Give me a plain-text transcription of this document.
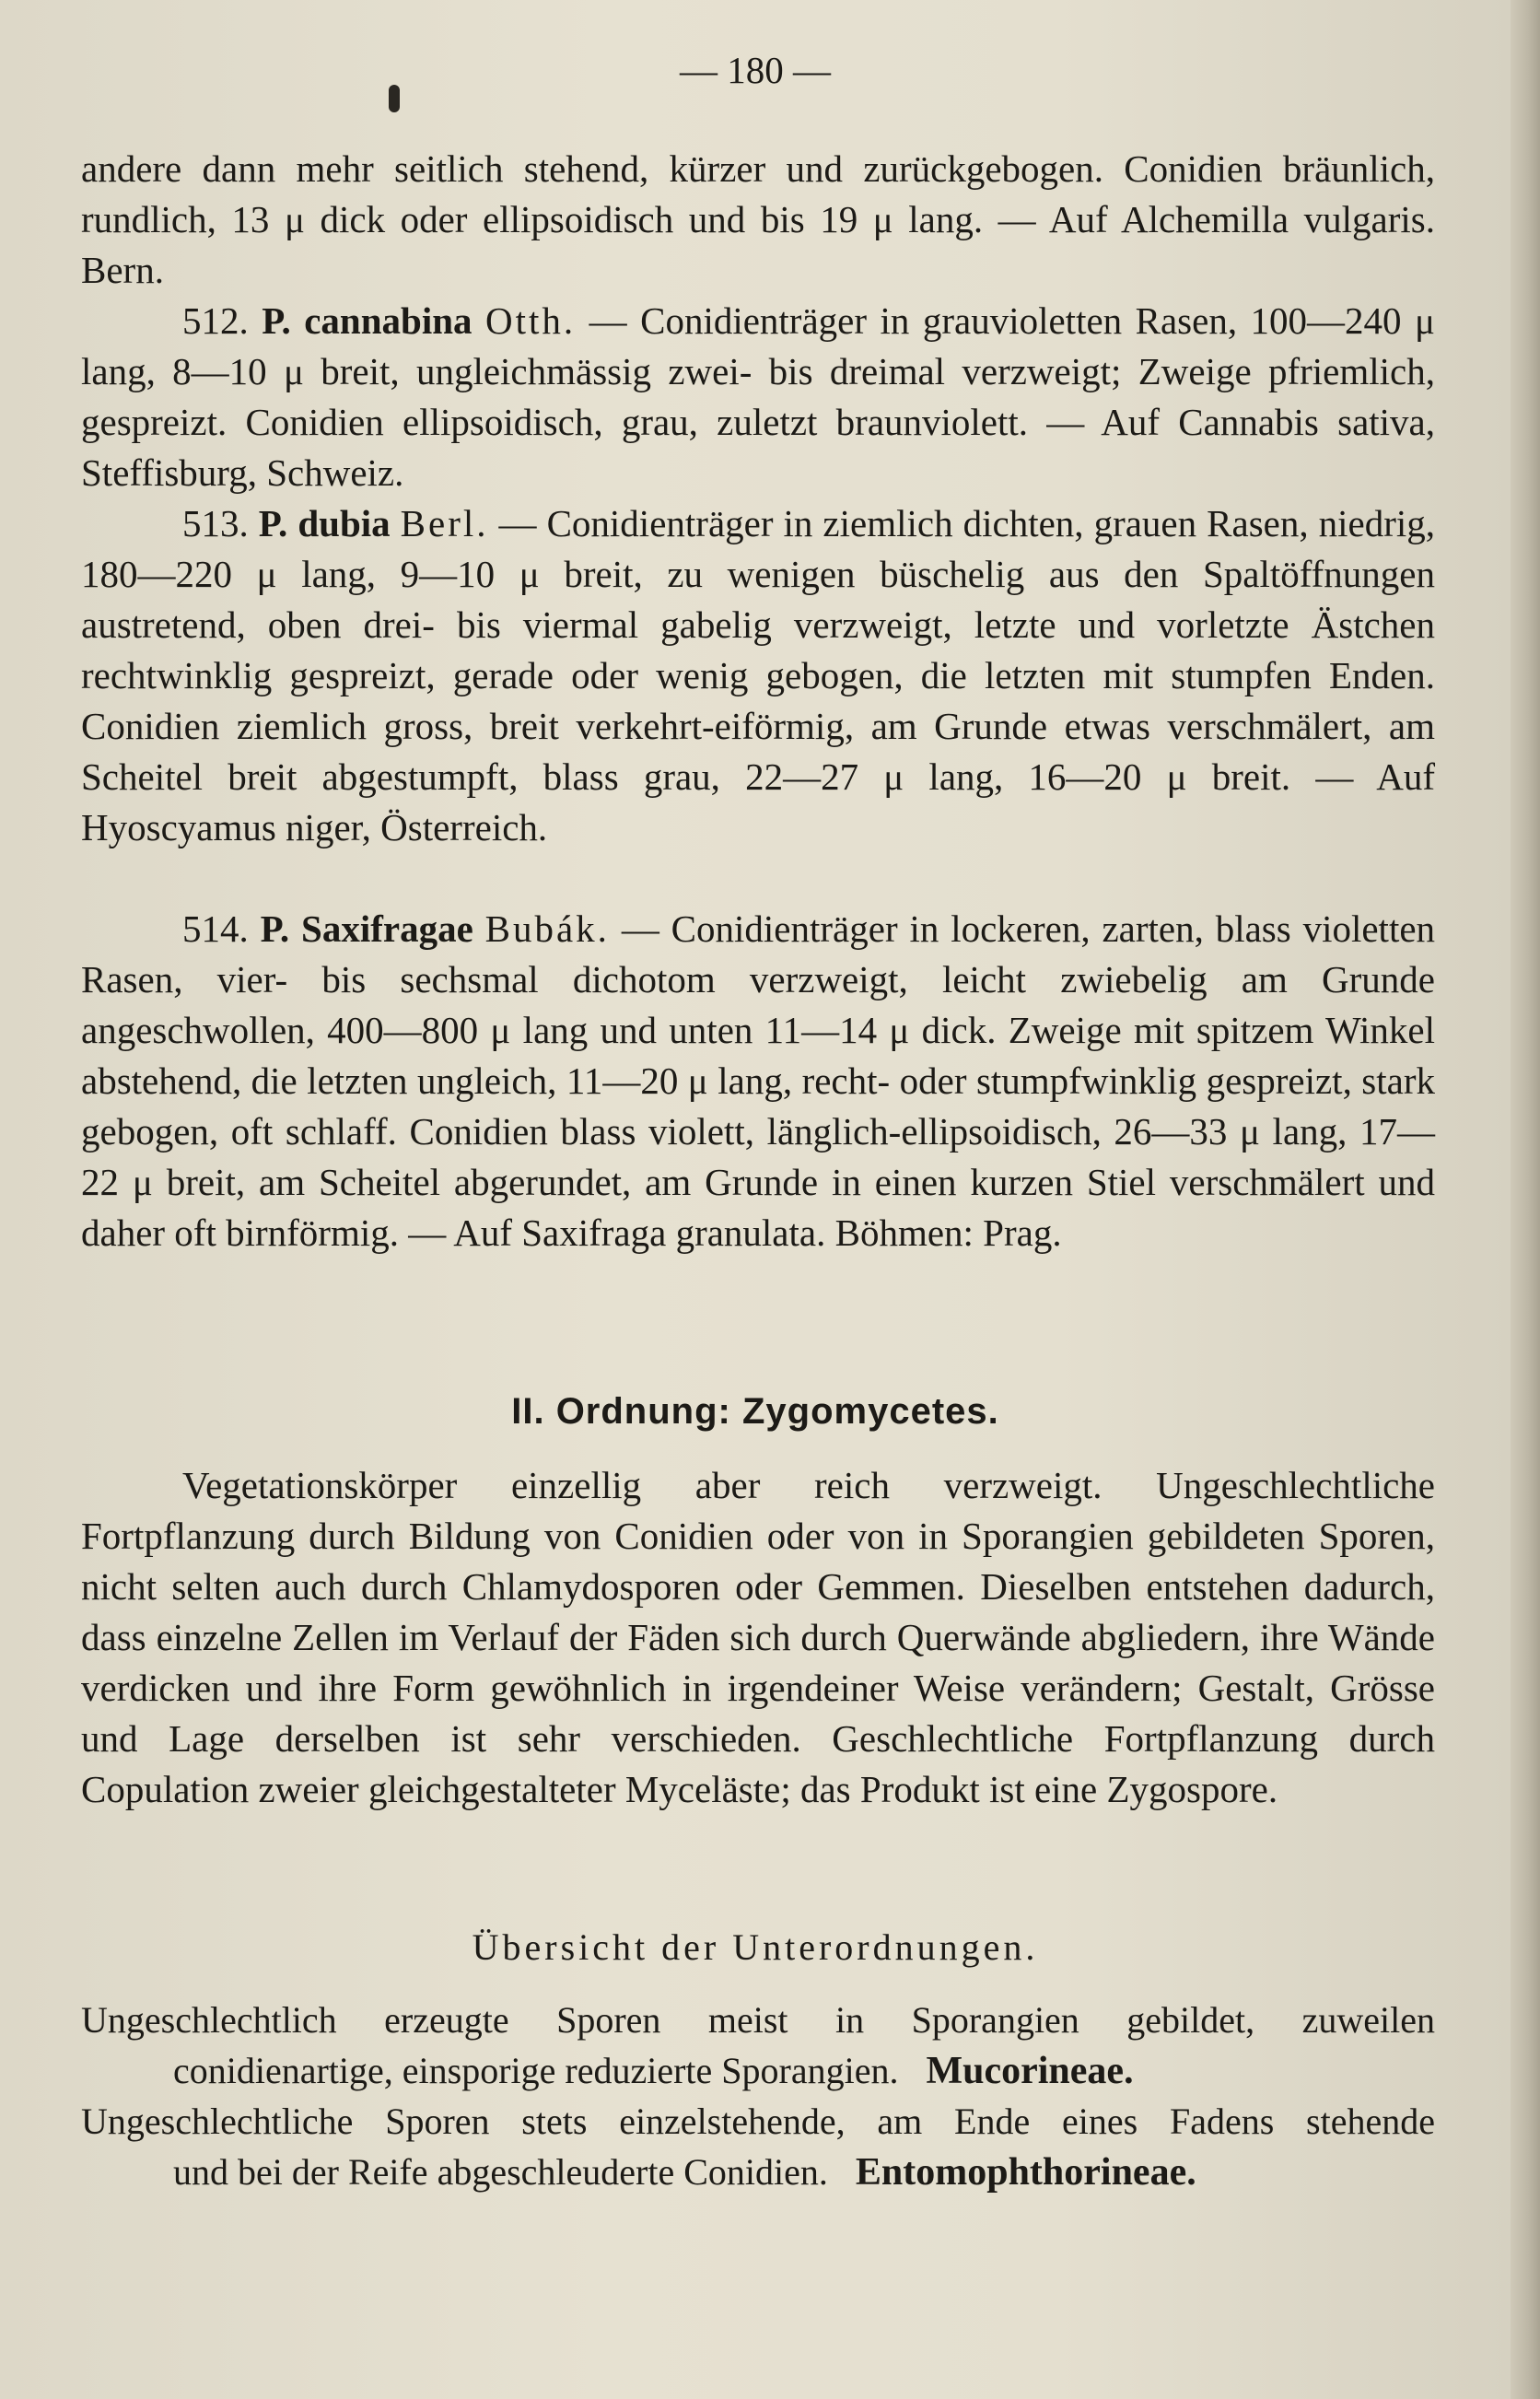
— 180 —

andere dann mehr seitlich stehend, kürzer und zurückgebogen. Conidien bräunlich, rundlich, 13 μ dick oder ellipsoidisch und bis 19 μ lang. — Auf Alchemilla vulgaris. Bern.

512. P. cannabina Otth. — Conidienträger in grauvioletten Rasen, 100—240 μ lang, 8—10 μ breit, ungleichmässig zwei- bis dreimal verzweigt; Zweige pfriemlich, gespreizt. Conidien ellipsoidisch, grau, zuletzt braunviolett. — Auf Cannabis sativa, Steffisburg, Schweiz.

513. P. dubia Berl. — Conidienträger in ziemlich dichten, grauen Rasen, niedrig, 180—220 μ lang, 9—10 μ breit, zu wenigen büschelig aus den Spaltöffnungen austretend, oben drei- bis viermal gabelig verzweigt, letzte und vorletzte Ästchen rechtwinklig gespreizt, gerade oder wenig gebogen, die letzten mit stumpfen Enden. Conidien ziemlich gross, breit verkehrt-eiförmig, am Grunde etwas verschmälert, am Scheitel breit abgestumpft, blass grau, 22—27 μ lang, 16—20 μ breit. — Auf Hyoscyamus niger, Österreich.

514. P. Saxifragae Bubák. — Conidienträger in lockeren, zarten, blass violetten Rasen, vier- bis sechsmal dichotom verzweigt, leicht zwiebelig am Grunde angeschwollen, 400—800 μ lang und unten 11—14 μ dick. Zweige mit spitzem Winkel abstehend, die letzten ungleich, 11—20 μ lang, recht- oder stumpfwinklig gespreizt, stark gebogen, oft schlaff. Conidien blass violett, länglich-ellipsoidisch, 26—33 μ lang, 17—22 μ breit, am Scheitel abgerundet, am Grunde in einen kurzen Stiel verschmälert und daher oft birnförmig. — Auf Saxifraga granulata. Böhmen: Prag.

II. Ordnung: Zygomycetes.

Vegetationskörper einzellig aber reich verzweigt. Ungeschlechtliche Fortpflanzung durch Bildung von Conidien oder von in Sporangien gebildeten Sporen, nicht selten auch durch Chlamydosporen oder Gemmen. Dieselben entstehen dadurch, dass einzelne Zellen im Verlauf der Fäden sich durch Querwände abgliedern, ihre Wände verdicken und ihre Form gewöhnlich in irgendeiner Weise verändern; Gestalt, Grösse und Lage derselben ist sehr verschieden. Geschlechtliche Fortpflanzung durch Copulation zweier gleichgestalteter Myceläste; das Produkt ist eine Zygospore.

Übersicht der Unterordnungen.
Ungeschlechtlich erzeugte Sporen meist in Sporangien gebildet, zuweilen
conidienartige, einsporige reduzierte Sporangien. Mucorineae.
Ungeschlechtliche Sporen stets einzelstehende, am Ende eines Fadens stehende
und bei der Reife abgeschleuderte Conidien. Entomophthorineae.
